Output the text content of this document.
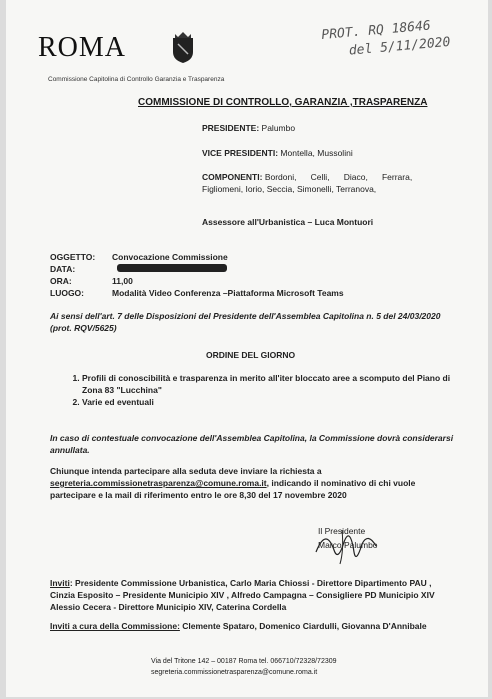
ROMA
Commissione Capitolina di Controllo Garanzia e Trasparenza
PROT. RQ 18646
del 5/11/2020
COMMISSIONE DI CONTROLLO, GARANZIA ,TRASPARENZA
PRESIDENTE: Palumbo
VICE PRESIDENTI: Montella, Mussolini
COMPONENTI: Bordoni,      Celli,      Diaco,      Ferrara,
Figliomeni, Iorio, Seccia, Simonelli, Terranova,
Assessore all'Urbanistica – Luca Montuori
OGGETTO: Convocazione Commissione
DATA:
ORA:	11,00
LUOGO:	Modalità Video Conferenza –Piattaforma Microsoft Teams
Ai sensi dell'art. 7 delle Disposizioni del Presidente dell'Assemblea Capitolina n. 5 del 24/03/2020 (prot. RQV/5625)
ORDINE DEL GIORNO
1. Profili di conoscibilità e trasparenza in merito all'iter bloccato aree a scomputo del Piano di Zona 83 "Lucchina"
2. Varie ed eventuali
In caso di contestuale convocazione dell'Assemblea Capitolina, la Commissione dovrà considerarsi annullata.
Chiunque intenda partecipare alla seduta deve inviare la richiesta a
segreteria.commissionetrasparenza@comune.roma.it, indicando il nominativo di chi vuole
partecipare e la mail di riferimento entro le ore 8,30 del 17 novembre 2020
Il Presidente
Marco Palumbo
Inviti: Presidente Commissione Urbanistica, Carlo Maria Chiossi - Direttore Dipartimento PAU ,
Cinzia Esposito – Presidente Municipio XIV , Alfredo Campagna – Consigliere PD Municipio XIV
Alessio Cecera - Direttore Municipio XIV, Caterina Cordella
Inviti a cura della Commissione: Clemente Spataro, Domenico Ciardulli, Giovanna D'Annibale
Via del Tritone 142 – 00187 Roma tel. 066710/72328/72309
segreteria.commissionetrasparenza@comune.roma.it
